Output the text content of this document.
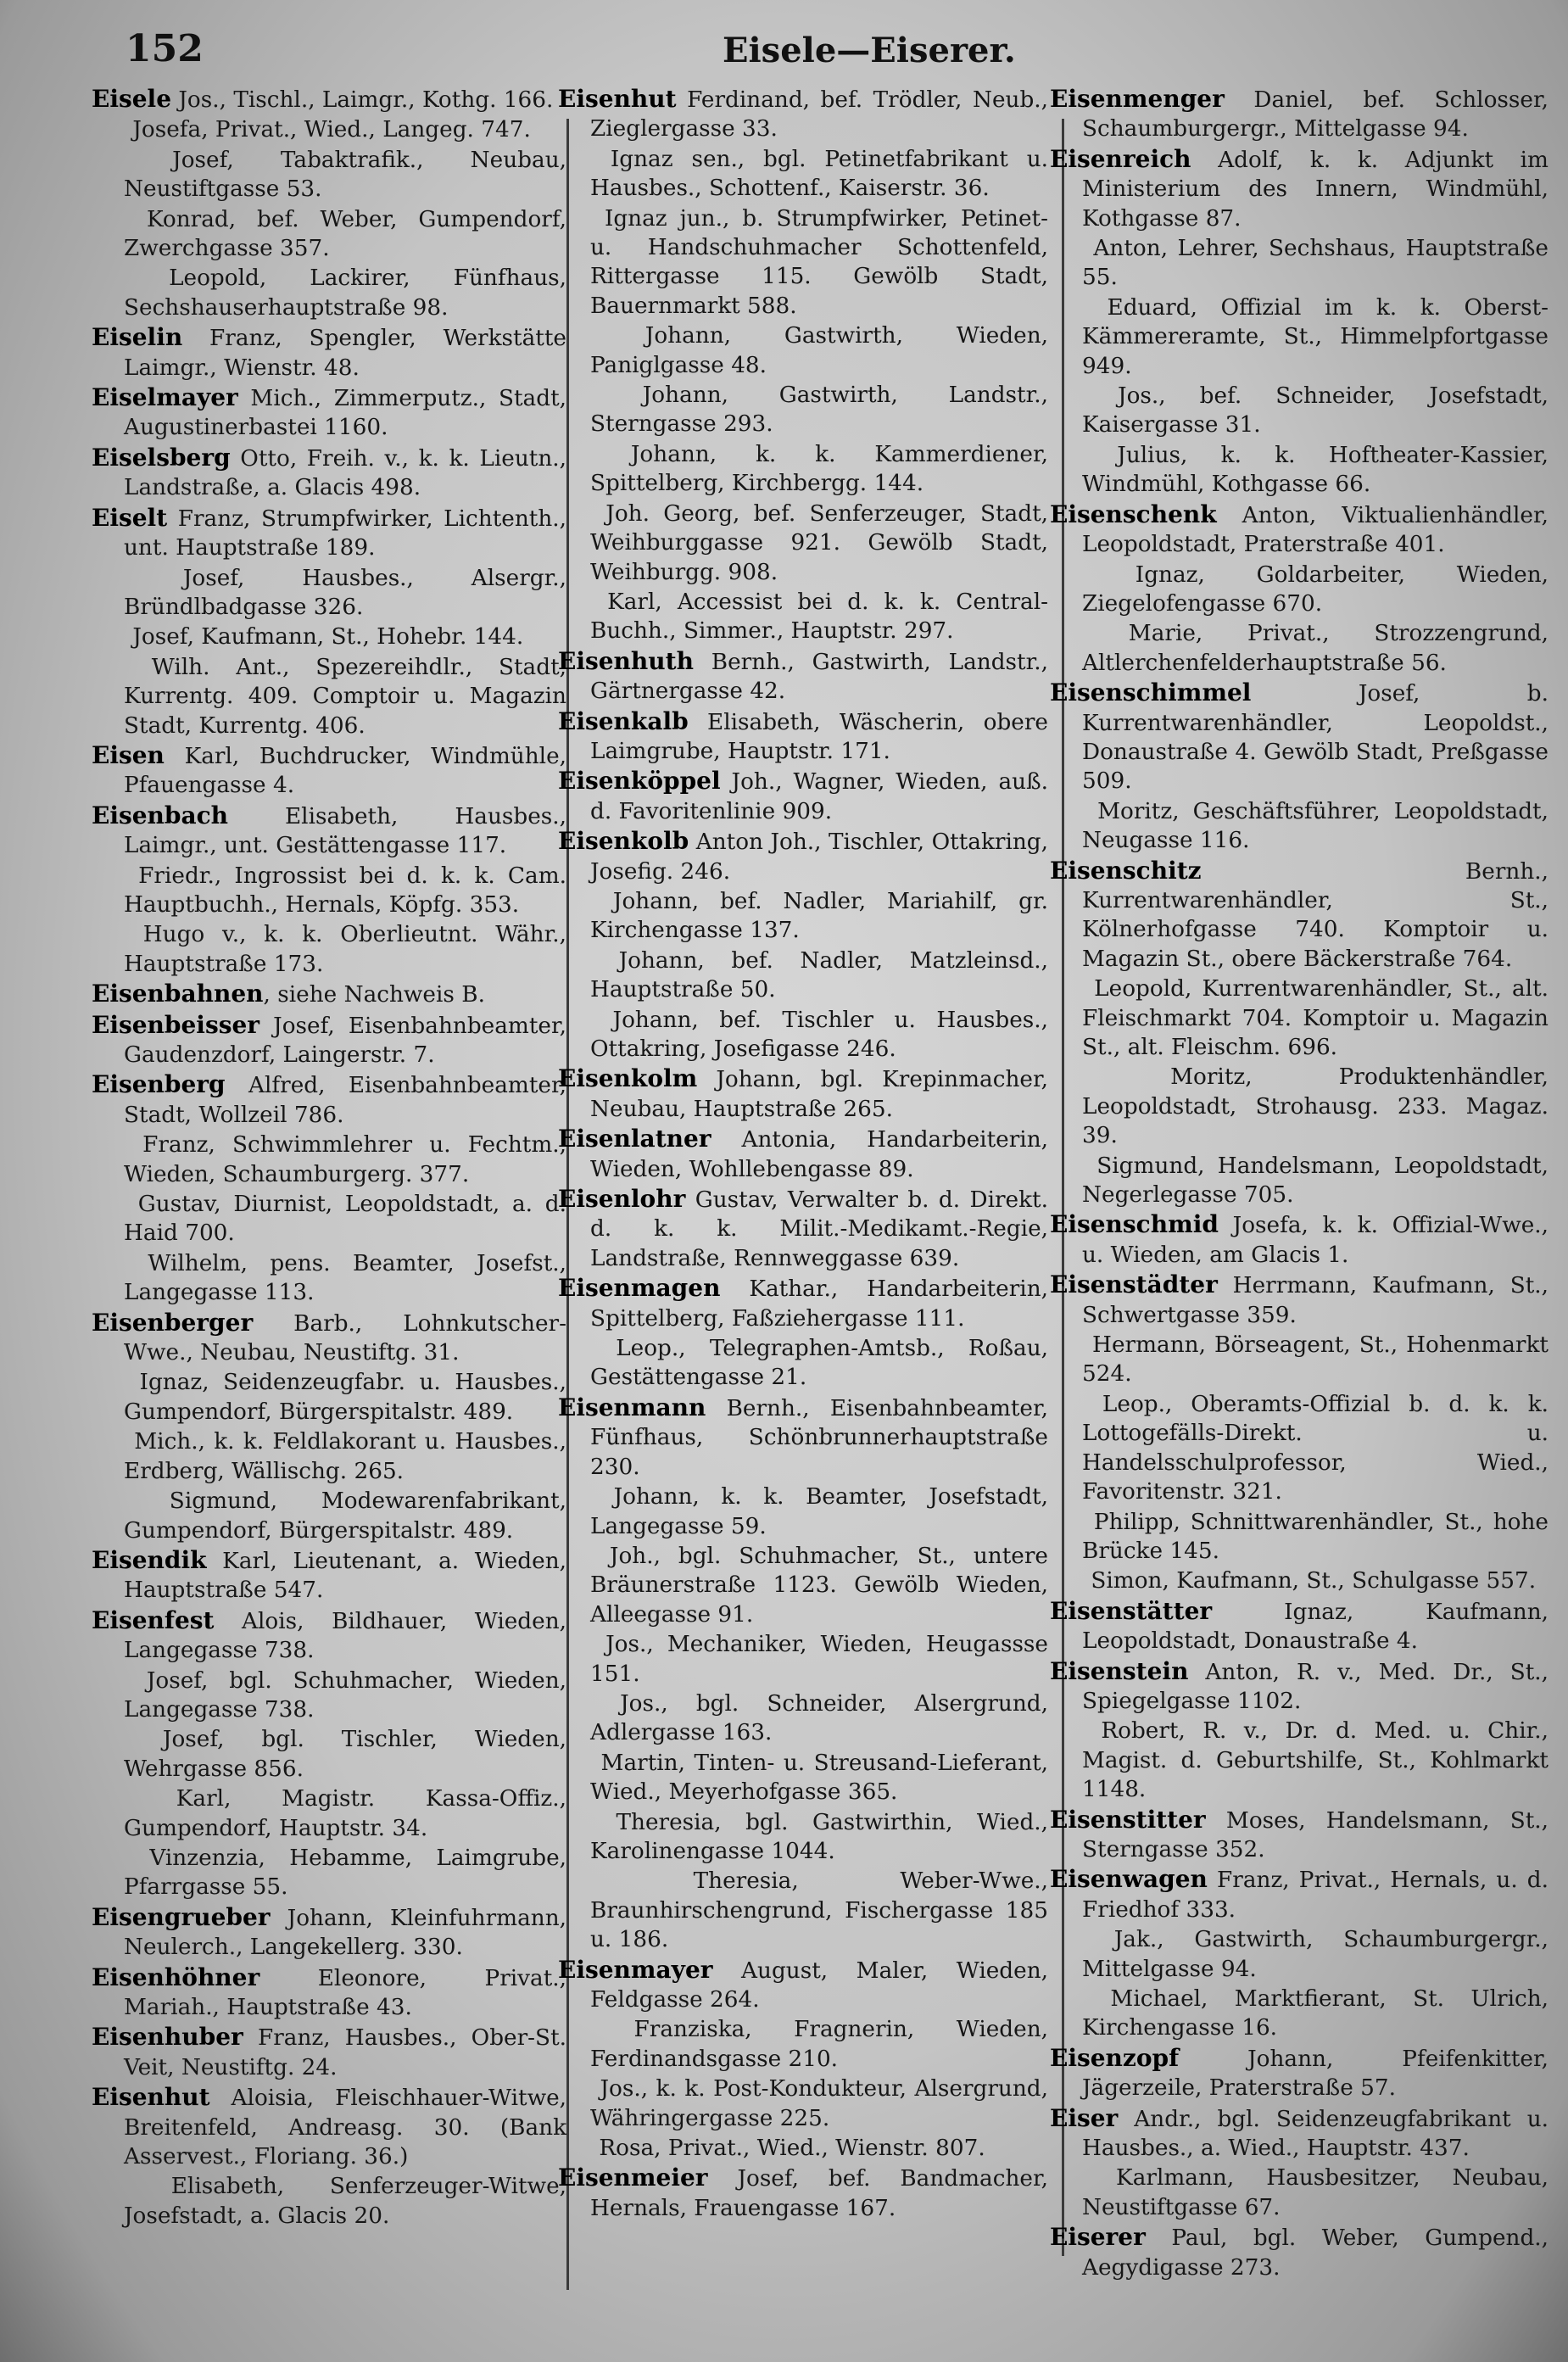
152	Eisele—Eiserer.
Eisele Jos., Tischl., Laimgr., Kothg. 166.
Josefa, Privat., Wied., Langeg. 747.
Josef, Tabaktrafik., Neubau, Neustiftgasse 53.
Konrad, bef. Weber, Gumpendorf, Zwerchgasse 357.
Leopold, Lackirer, Fünfhaus, Sechshauserhauptstraße 98.
Eiselin Franz, Spengler, Werkstätte Laimgr., Wienstr. 48.
Eiselmayer Mich., Zimmerputz., Stadt, Augustinerbastei 1160.
Eiselsberg Otto, Freih. v., k. k. Lieutn., Landstraße, a. Glacis 498.
Eiselt Franz, Strumpfwirker, Lichtenth., unt. Hauptstraße 189.
Josef, Hausbes., Alsergr., Bründlbadgasse 326.
Josef, Kaufmann, St., Hohebr. 144.
Wilh. Ant., Spezereihdlr., Stadt, Kurrentg. 409. Comptoir u. Magazin Stadt, Kurrentg. 406.
Eisen Karl, Buchdrucker, Windmühle, Pfauengasse 4.
Eisenbach Elisabeth, Hausbes., Laimgr., unt. Gestättengasse 117.
Friedr., Ingrossist bei d. k. k. Cam. Hauptbuchh., Hernals, Köpfg. 353.
Hugo v., k. k. Oberlieutnt. Währ., Hauptstraße 173.
Eisenbahnen, siehe Nachweis B.
Eisenbeisser Josef, Eisenbahnbeamter, Gaudenzdorf, Laingerstr. 7.
Eisenberg Alfred, Eisenbahnbeamter, Stadt, Wollzeil 786.
Franz, Schwimmlehrer u. Fechtm., Wieden, Schaumburgerg. 377.
Gustav, Diurnist, Leopoldstadt, a. d. Haid 700.
Wilhelm, pens. Beamter, Josefst., Langegasse 113.
Eisenberger Barb., Lohnkutscher-Wwe., Neubau, Neustiftg. 31.
Ignaz, Seidenzeugfabr. u. Hausbes., Gumpendorf, Bürgerspitalstr. 489.
Mich., k. k. Feldlakorant u. Hausbes., Erdberg, Wällischg. 265.
Sigmund, Modewarenfabrikant, Gumpendorf, Bürgerspitalstr. 489.
Eisendik Karl, Lieutenant, a. Wieden, Hauptstraße 547.
Eisenfest Alois, Bildhauer, Wieden, Langegasse 738.
Josef, bgl. Schuhmacher, Wieden, Langegasse 738.
Josef, bgl. Tischler, Wieden, Wehrgasse 856.
Karl, Magistr. Kassa-Offiz., Gumpendorf, Hauptstr. 34.
Vinzenzia, Hebamme, Laimgrube, Pfarrgasse 55.
Eisengrueber Johann, Kleinfuhrmann, Neulerch., Langekellerg. 330.
Eisenhöhner Eleonore, Privat., Mariah., Hauptstraße 43.
Eisenhuber Franz, Hausbes., Ober-St. Veit, Neustiftg. 24.
Eisenhut Aloisia, Fleischhauer-Witwe, Breitenfeld, Andreasg. 30. (Bank Asservest., Floriang. 36.)
Elisabeth, Senferzeuger-Witwe, Josefstadt, a. Glacis 20.
Eisenhut Ferdinand, bef. Trödler, Neub., Zieglergasse 33.
Ignaz sen., bgl. Petinetfabrikant u. Hausbes., Schottenf., Kaiserstr. 36.
Ignaz jun., b. Strumpfwirker, Petinet- u. Handschuhmacher Schottenfeld, Rittergasse 115. Gewölb Stadt, Bauernmarkt 588.
Johann, Gastwirth, Wieden, Paniglgasse 48.
Johann, Gastwirth, Landstr., Sterngasse 293.
Johann, k. k. Kammerdiener, Spittelberg, Kirchbergg. 144.
Joh. Georg, bef. Senferzeuger, Stadt, Weihburggasse 921. Gewölb Stadt, Weihburgg. 908.
Karl, Accessist bei d. k. k. Central-Buchh., Simmer., Hauptstr. 297.
Eisenhuth Bernh., Gastwirth, Landstr., Gärtnergasse 42.
Eisenkalb Elisabeth, Wäscherin, obere Laimgrube, Hauptstr. 171.
Eisenköppel Joh., Wagner, Wieden, auß. d. Favoritenlinie 909.
Eisenkolb Anton Joh., Tischler, Ottakring, Josefig. 246.
Johann, bef. Nadler, Mariahilf, gr. Kirchengasse 137.
Johann, bef. Nadler, Matzleinsd., Hauptstraße 50.
Johann, bef. Tischler u. Hausbes., Ottakring, Josefigasse 246.
Eisenkolm Johann, bgl. Krepinmacher, Neubau, Hauptstraße 265.
Eisenlatner Antonia, Handarbeiterin, Wieden, Wohllebengasse 89.
Eisenlohr Gustav, Verwalter b. d. Direkt. d. k. k. Milit.-Medikamt.-Regie, Landstraße, Rennweggasse 639.
Eisenmagen Kathar., Handarbeiterin, Spittelberg, Faßziehergasse 111.
Leop., Telegraphen-Amtsb., Roßau, Gestättengasse 21.
Eisenmann Bernh., Eisenbahnbeamter, Fünfhaus, Schönbrunnerhauptstraße 230.
Johann, k. k. Beamter, Josefstadt, Langegasse 59.
Joh., bgl. Schuhmacher, St., untere Bräunerstraße 1123. Gewölb Wieden, Alleegasse 91.
Jos., Mechaniker, Wieden, Heugassse 151.
Jos., bgl. Schneider, Alsergrund, Adlergasse 163.
Martin, Tinten- u. Streusand-Lieferant, Wied., Meyerhofgasse 365.
Theresia, bgl. Gastwirthin, Wied., Karolinengasse 1044.
Theresia, Weber-Wwe., Braunhirschengrund, Fischergasse 185 u. 186.
Eisenmayer August, Maler, Wieden, Feldgasse 264.
Franziska, Fragnerin, Wieden, Ferdinandsgasse 210.
Jos., k. k. Post-Konduktеur, Alsergrund, Währingergasse 225.
Rosa, Privat., Wied., Wienstr. 807.
Eisenmeier Josef, bef. Bandmacher, Hernals, Frauengasse 167.
Eisenmenger Daniel, bef. Schlosser, Schaumburgergr., Mittelgasse 94.
Eisenreich Adolf, k. k. Adjunkt im Ministerium des Innern, Windmühl, Kothgasse 87.
Anton, Lehrer, Sechshaus, Hauptstraße 55.
Eduard, Offizial im k. k. Oberst-Kämmereramte, St., Himmelpfortgasse 949.
Jos., bef. Schneider, Josefstadt, Kaisergasse 31.
Julius, k. k. Hoftheater-Kassier, Windmühl, Kothgasse 66.
Eisenschenk Anton, Viktualienhändler, Leopoldstadt, Praterstraße 401.
Ignaz, Goldarbeiter, Wieden, Ziegelofengasse 670.
Marie, Privat., Strozzengrund, Altlerchenfelderhauptstraße 56.
Eisenschimmel Josef, b. Kurrentwarenhändler, Leopoldst., Donaustraße 4. Gewölb Stadt, Preßgasse 509.
Moritz, Geschäftsführer, Leopoldstadt, Neugasse 116.
Eisenschitz Bernh., Kurrentwarenhändler, St., Kölnerhofgasse 740. Komptoir u. Magazin St., obere Bäckerstraße 764.
Leopold, Kurrentwarenhändler, St., alt. Fleischmarkt 704. Komptoir u. Magazin St., alt. Fleischm. 696.
Moritz, Produktenhändler, Leopoldstadt, Strohausg. 233. Magaz. 39.
Sigmund, Handelsmann, Leopoldstadt, Negerlegasse 705.
Eisenschmid Josefa, k. k. Offizial-Wwe., u. Wieden, am Glacis 1.
Eisenstädter Herrmann, Kaufmann, St., Schwertgasse 359.
Hermann, Börseagent, St., Hohenmarkt 524.
Leop., Oberamts-Offizial b. d. k. k. Lottogefälls-Direkt. u. Handelsschulprofessor, Wied., Favoritenstr. 321.
Philipp, Schnittwarenhändler, St., hohe Brücke 145.
Simon, Kaufmann, St., Schulgasse 557.
Eisenstätter Ignaz, Kaufmann, Leopoldstadt, Donaustraße 4.
Eisenstein Anton, R. v., Med. Dr., St., Spiegelgasse 1102.
Robert, R. v., Dr. d. Med. u. Chir., Magist. d. Geburtshilfe, St., Kohlmarkt 1148.
Eisenstitter Moses, Handelsmann, St., Sterngasse 352.
Eisenwagen Franz, Privat., Hernals, u. d. Friedhof 333.
Jak., Gastwirth, Schaumburgergr., Mittelgasse 94.
Michael, Marktfierant, St. Ulrich, Kirchengasse 16.
Eisenzopf Johann, Pfeifenkitter, Jägerzeile, Praterstraße 57.
Eiser Andr., bgl. Seidenzeugfabrikant u. Hausbes., a. Wied., Hauptstr. 437.
Karlmann, Hausbesitzer, Neubau, Neustiftgasse 67.
Eiserer Paul, bgl. Weber, Gumpend., Aegydigasse 273.
